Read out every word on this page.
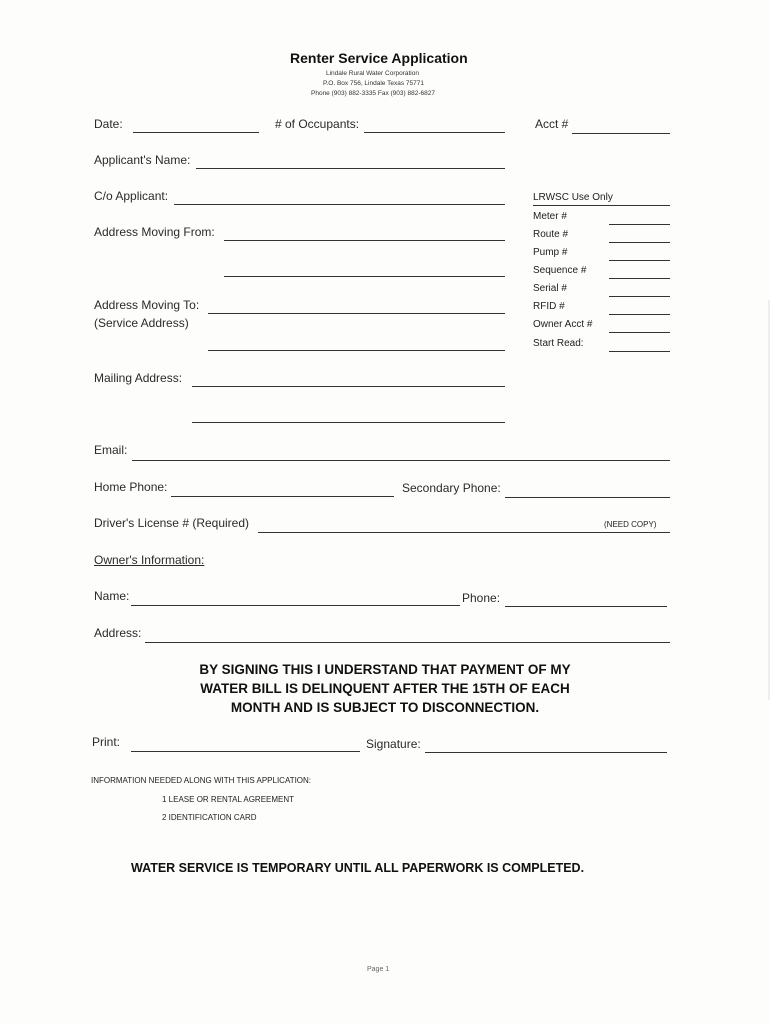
Renter Service Application
Lindale Rural Water Corporation
P.O. Box 756, Lindale Texas 75771
Phone (903) 882-3335 Fax (903) 882-6827
Date:	# of Occupants:	Acct #
Applicant's Name:
C/o Applicant:
Address Moving From:
Address Moving To:
(Service Address)
Mailing Address:
LRWSC Use Only
Meter #
Route #
Pump #
Sequence #
Serial #
RFID #
Owner Acct #
Start Read:
Email:
Home Phone:	Secondary Phone:
Driver's License # (Required)	(NEED COPY)
Owner's Information:
Name:	Phone:
Address:
BY SIGNING THIS I UNDERSTAND THAT PAYMENT OF MY
WATER BILL IS DELINQUENT AFTER THE 15TH OF EACH
MONTH AND IS SUBJECT TO DISCONNECTION.
Print:	Signature:
INFORMATION NEEDED ALONG WITH THIS APPLICATION:
1 LEASE OR RENTAL AGREEMENT
2 IDENTIFICATION CARD
WATER SERVICE IS TEMPORARY UNTIL ALL PAPERWORK IS COMPLETED.
Page 1
